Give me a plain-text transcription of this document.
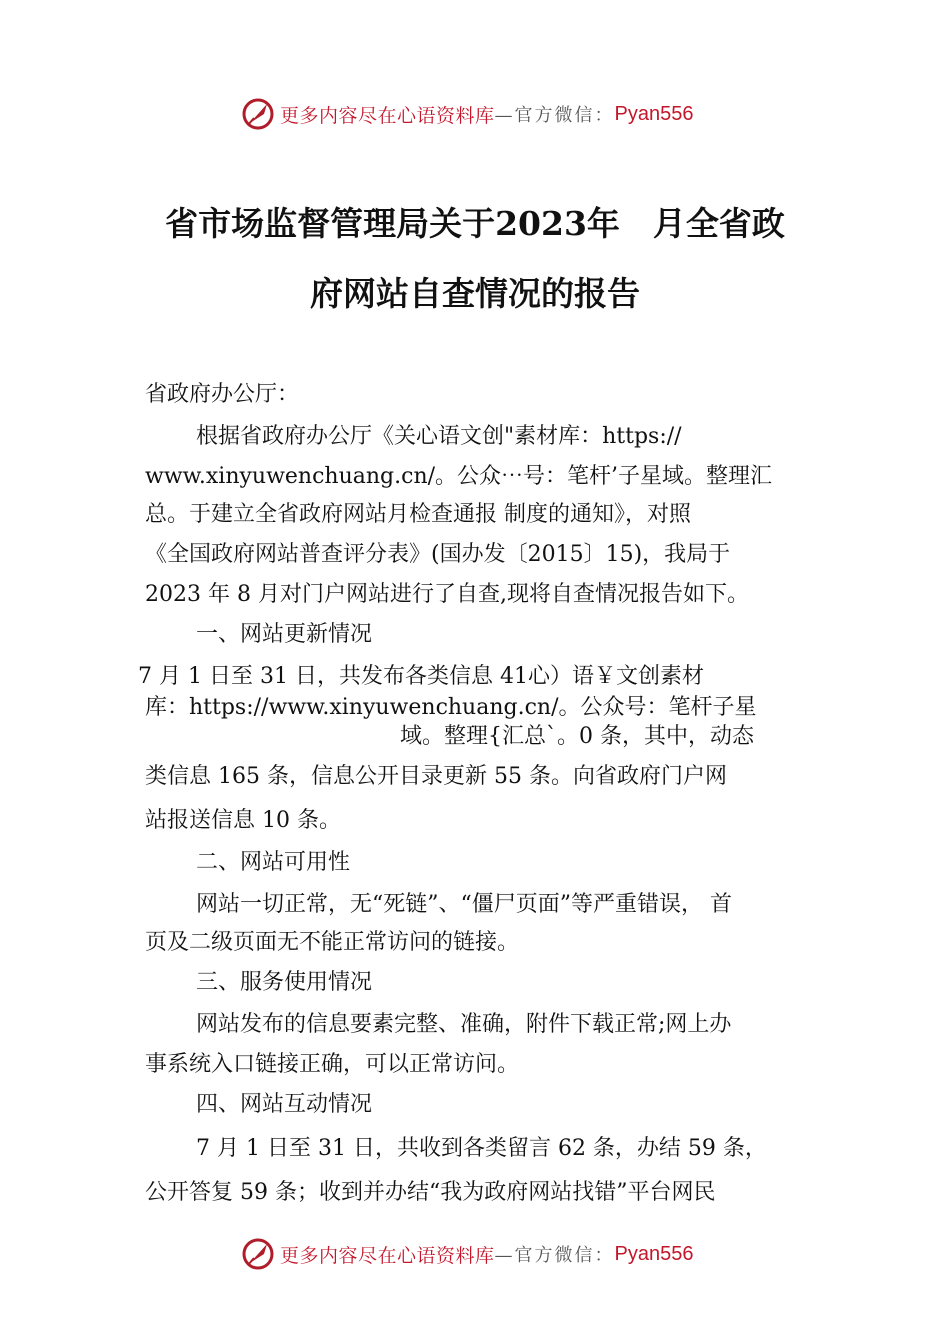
更多内容尽在心语资料库 —官方微信： Pyan556
省市场监督管理局关于2023年　月全省政
府网站自查情况的报告
省政府办公厅：
根据省政府办公厅《关心语文创"素材库：https://
www.xinyuwenchuang.cn/。公众⋯号：笔杆’子星域。整理汇
总。于建立全省政府网站月检查通报 制度的通知》，对照
《全国政府网站普查评分表》(国办发〔2015〕15)，我局于
2023 年 8 月对门户网站进行了自查,现将自查情况报告如下。
一、网站更新情况
7 月 1 日至 31 日，共发布各类信息 41心）语￥文创素材
库：https://www.xinyuwenchuang.cn/。公众号：笔杆子星
域。整理{汇总`。0 条，其中，动态
类信息 165 条，信息公开目录更新 55 条。向省政府门户网
站报送信息 10 条。
二、网站可用性
网站一切正常，无“死链”、“僵尸页面”等严重错误， 首
页及二级页面无不能正常访问的链接。
三、服务使用情况
网站发布的信息要素完整、准确，附件下载正常;网上办
事系统入口链接正确，可以正常访问。
四、网站互动情况
7 月 1 日至 31 日，共收到各类留言 62 条，办结 59 条，
公开答复 59 条；收到并办结“我为政府网站找错”平台网民
更多内容尽在心语资料库 —官方微信： Pyan556
